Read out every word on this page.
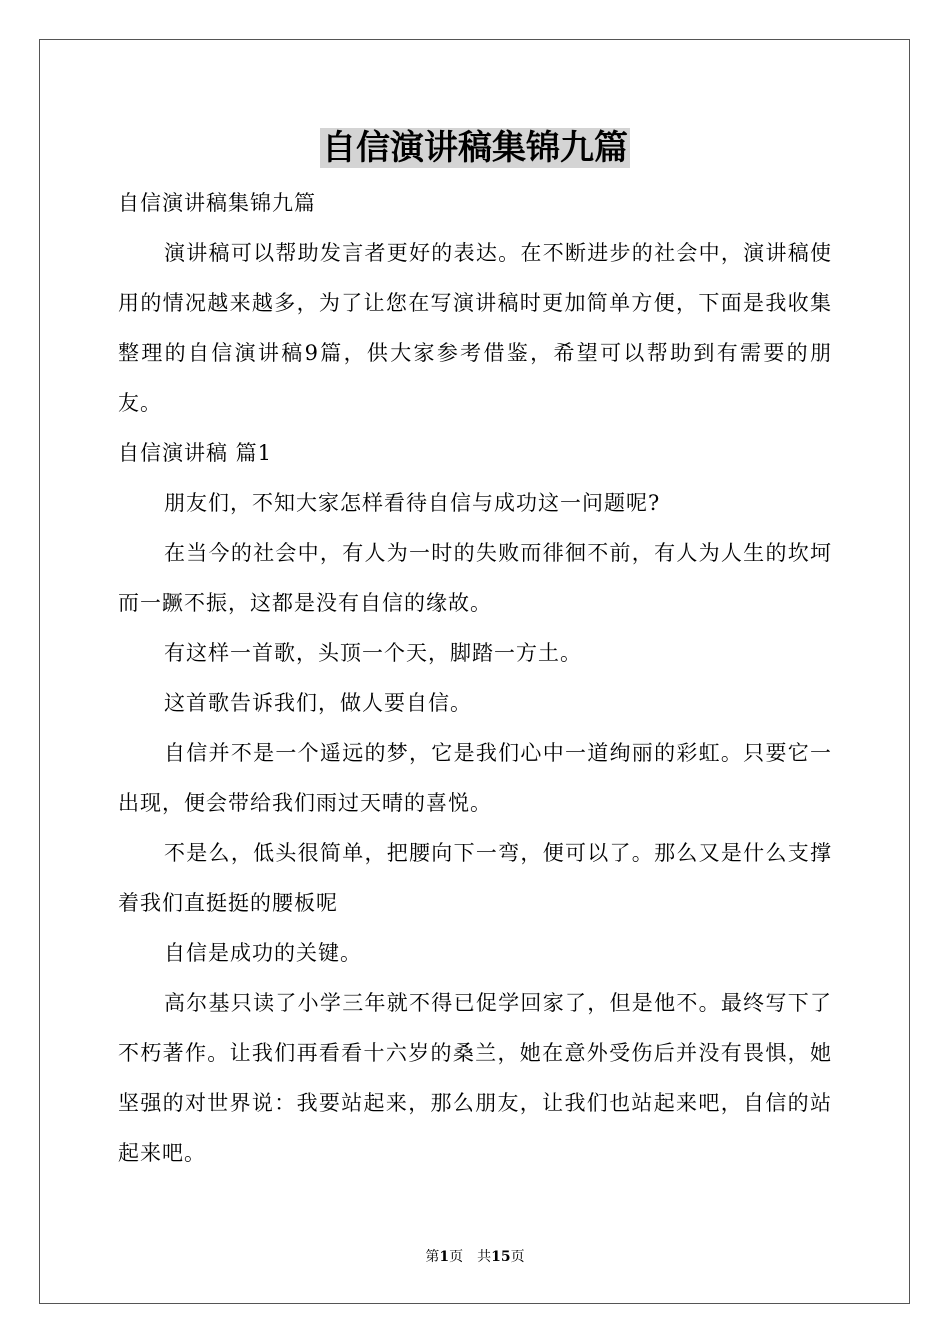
自信演讲稿集锦九篇

自信演讲稿集锦九篇

演讲稿可以帮助发言者更好的表达。在不断进步的社会中，演讲稿使用的情况越来越多，为了让您在写演讲稿时更加简单方便，下面是我收集整理的自信演讲稿9篇，供大家参考借鉴，希望可以帮助到有需要的朋友。

自信演讲稿 篇1

朋友们，不知大家怎样看待自信与成功这一问题呢?

在当今的社会中，有人为一时的失败而徘徊不前，有人为人生的坎坷而一蹶不振，这都是没有自信的缘故。

有这样一首歌，头顶一个天，脚踏一方土。

这首歌告诉我们，做人要自信。

自信并不是一个遥远的梦，它是我们心中一道绚丽的彩虹。只要它一出现，便会带给我们雨过天晴的喜悦。

不是么，低头很简单，把腰向下一弯，便可以了。那么又是什么支撑着我们直挺挺的腰板呢

自信是成功的关键。

高尔基只读了小学三年就不得已促学回家了，但是他不。最终写下了不朽著作。让我们再看看十六岁的桑兰，她在意外受伤后并没有畏惧，她坚强的对世界说：我要站起来，那么朋友，让我们也站起来吧，自信的站起来吧。

第1页　共15页
